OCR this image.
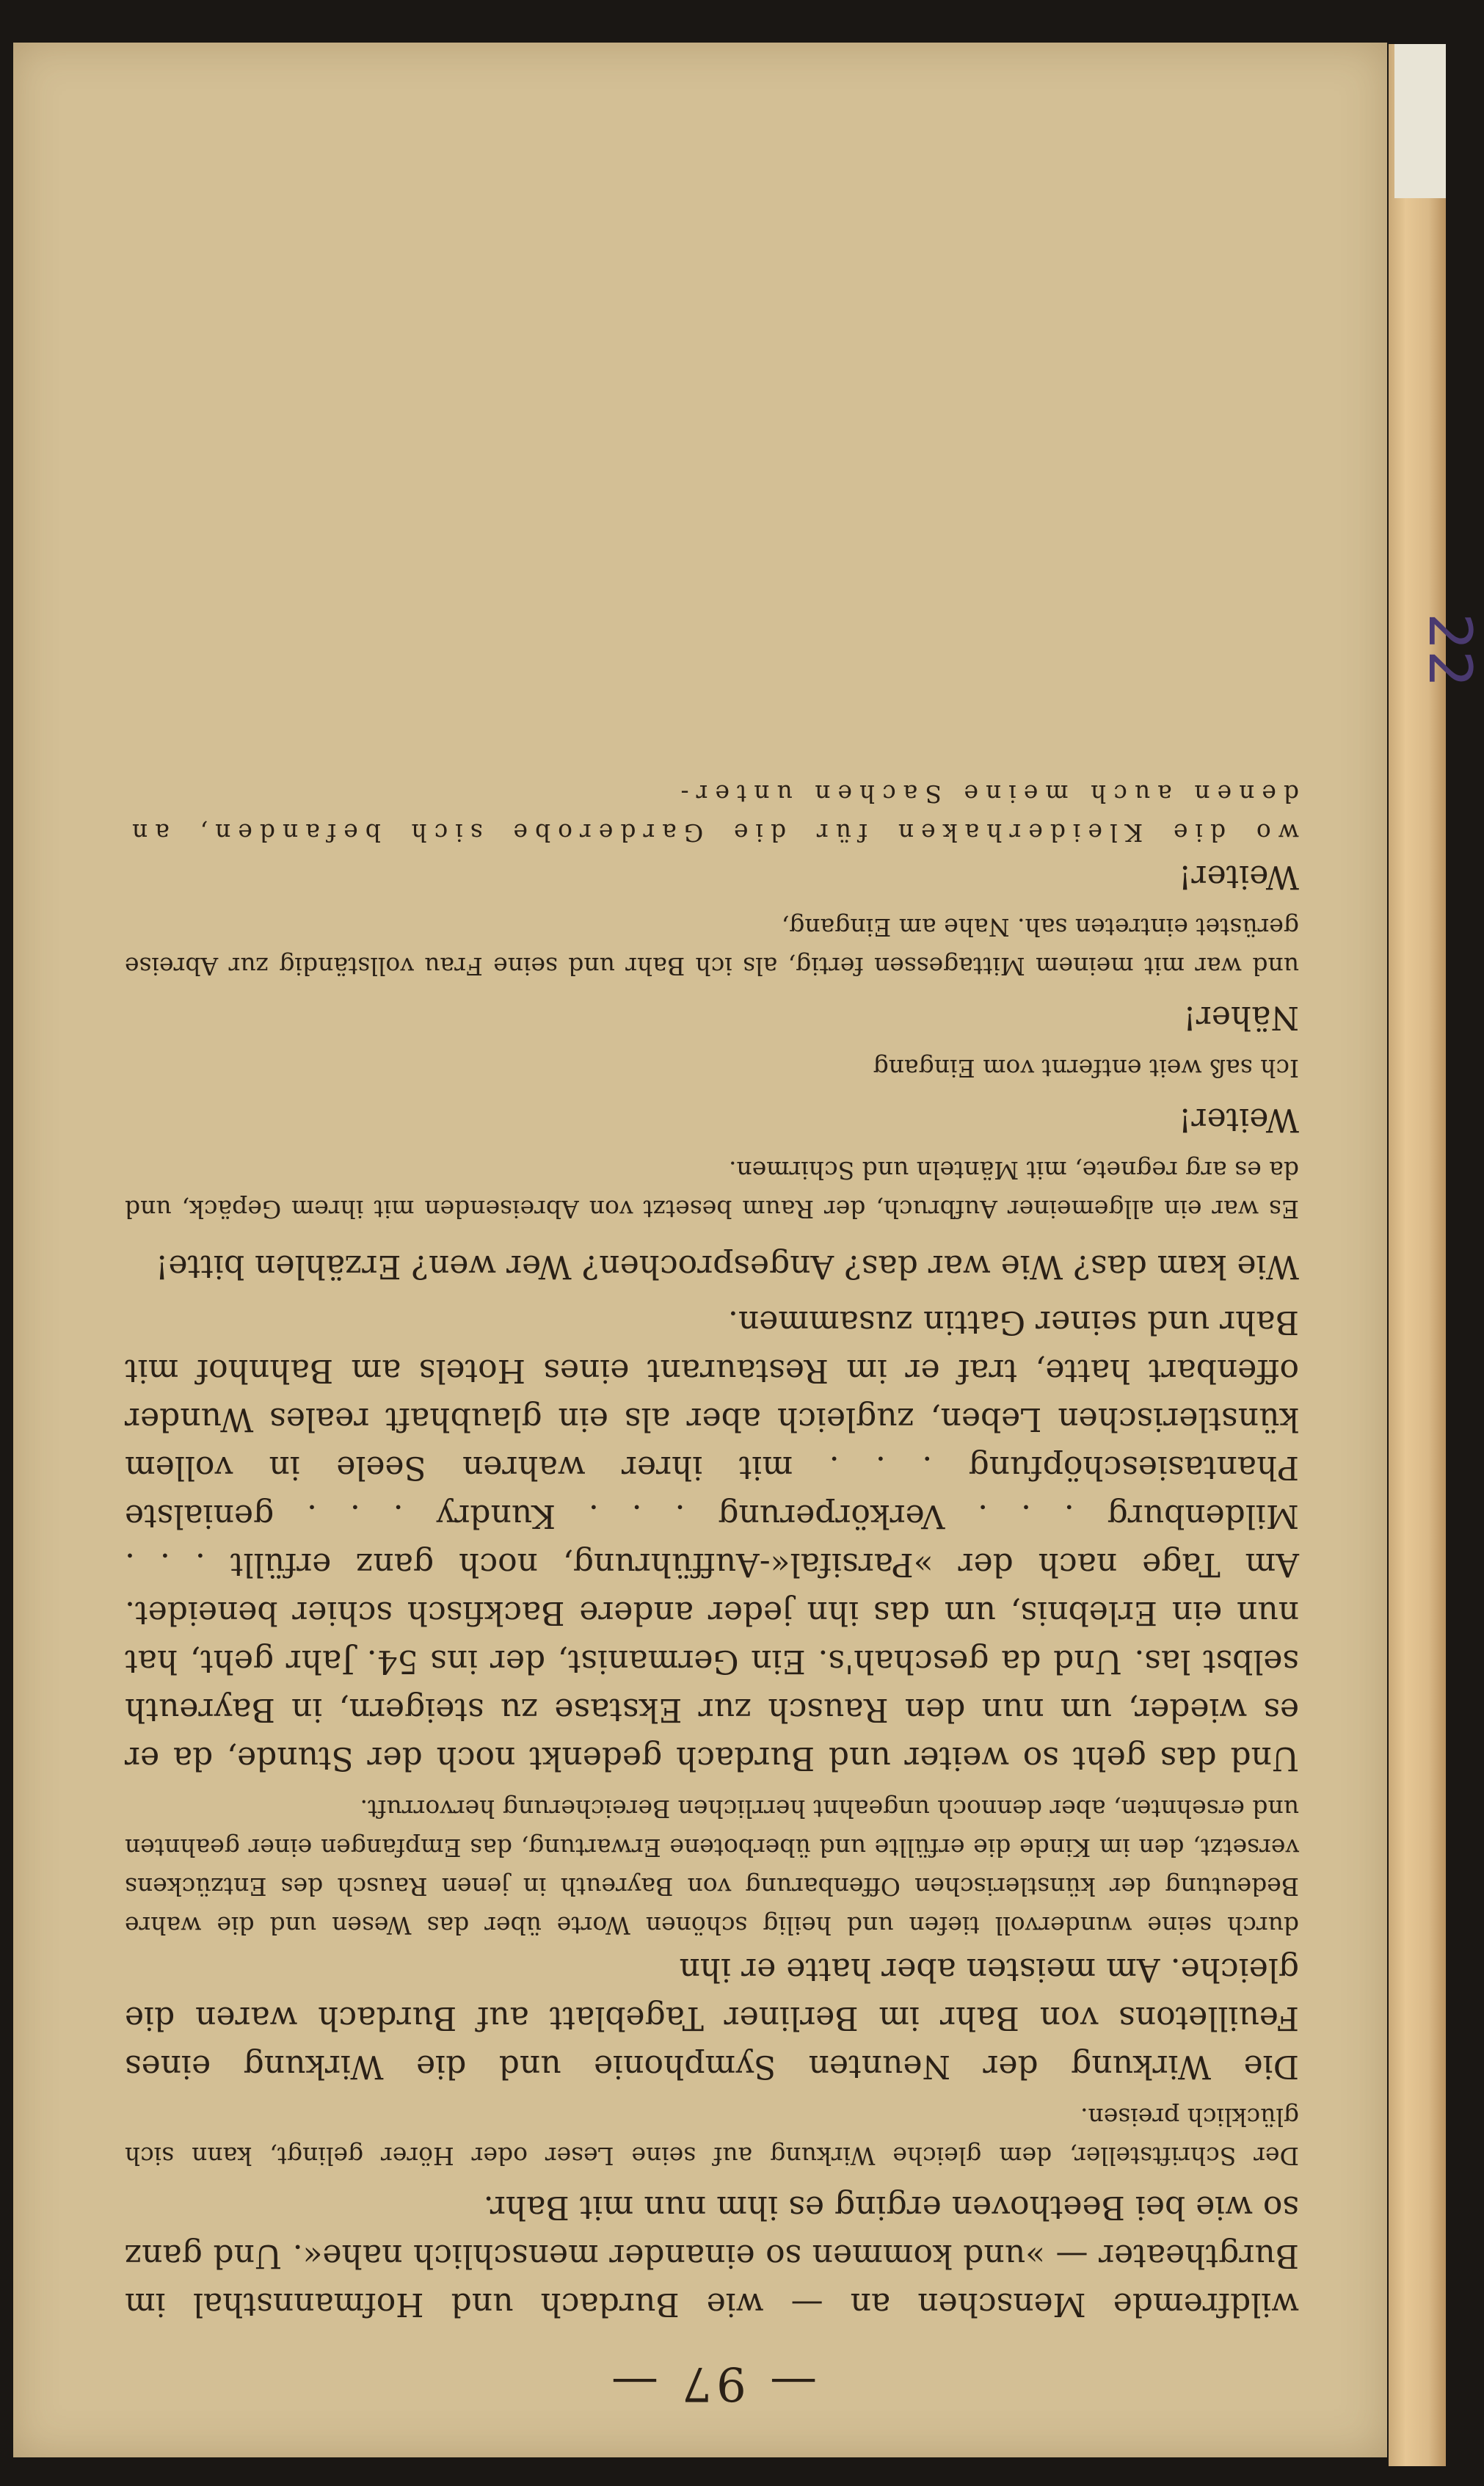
22
— 97 —

wildfremde Menschen an — wie Burdach und Hofmannsthal im Burgtheater — »und kommen so einander menschlich nahe«. Und ganz so wie bei Beethoven erging es ihm nun mit Bahr.

Der Schriftsteller, dem gleiche Wirkung auf seine Leser oder Hörer gelingt, kann sich glücklich preisen.

Die Wirkung der Neunten Symphonie und die Wirkung eines Feuilletons von Bahr im Berliner Tageblatt auf Burdach waren die gleiche. Am meisten aber hatte er ihn

durch seine wundervoll tiefen und heilig schönen Worte über das Wesen und die wahre Bedeutung der künstlerischen Offenbarung von Bayreuth in jenen Rausch des Entzückens versetzt, den im Kinde die erfüllte und überbotene Erwartung, das Empfangen einer geahnten und ersehnten, aber dennoch ungeahnt herrlichen Bereicherung hervorruft.

Und das geht so weiter und Burdach gedenkt noch der Stunde, da er es wieder, um nun den Rausch zur Ekstase zu steigern, in Bayreuth selbst las. Und da geschah's. Ein Germanist, der ins 54. Jahr geht, hat nun ein Erlebnis, um das ihn jeder andere Backfisch schier beneidet. Am Tage nach der »Parsifal«-Aufführung, noch ganz erfüllt . . . Mildenburg . . . Verkörperung . . . Kundry . . . genialste Phantasieschöpfung . . . mit ihrer wahren Seele in vollem künstlerischen Leben, zugleich aber als ein glaubhaft reales Wunder offenbart hatte, traf er im Restaurant eines Hotels am Bahnhof mit Bahr und seiner Gattin zusammen.

Wie kam das? Wie war das? Angesprochen? Wer wen? Erzählen bitte!

Es war ein allgemeiner Aufbruch, der Raum besetzt von Abreisenden mit ihrem Gepäck, und da es arg regnete, mit Mänteln und Schirmen.

Weiter!

Ich saß weit entfernt vom Eingang

Näher!

und war mit meinem Mittagessen fertig, als ich Bahr und seine Frau vollständig zur Abreise gerüstet eintreten sah. Nahe am Eingang,

Weiter!

wo die Kleiderhaken für die Garderobe sich befanden, an denen auch meine Sachen unter-
